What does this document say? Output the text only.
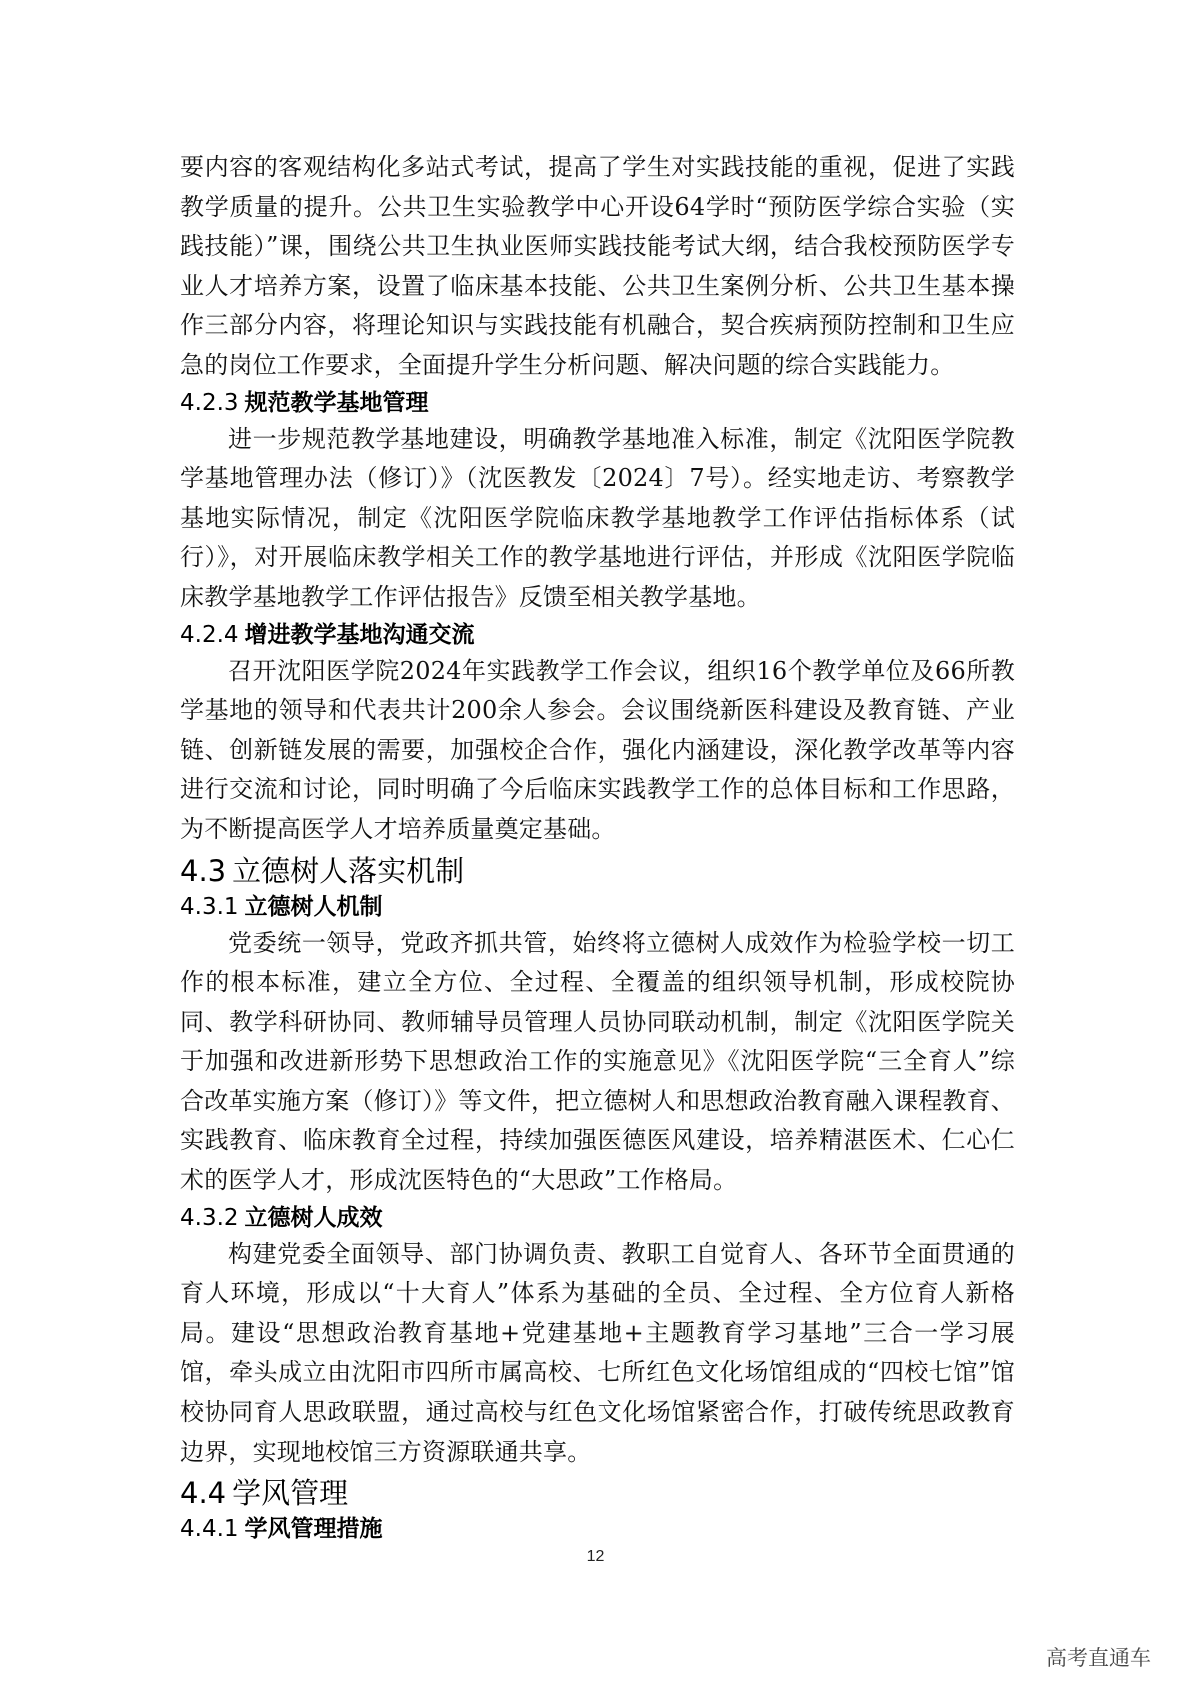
要内容的客观结构化多站式考试，提高了学生对实践技能的重视，促进了实践教学质量的提升。公共卫生实验教学中心开设64学时“预防医学综合实验（实践技能）”课，围绕公共卫生执业医师实践技能考试大纲，结合我校预防医学专业人才培养方案，设置了临床基本技能、公共卫生案例分析、公共卫生基本操作三部分内容，将理论知识与实践技能有机融合，契合疾病预防控制和卫生应急的岗位工作要求，全面提升学生分析问题、解决问题的综合实践能力。

4.2.3 规范教学基地管理

进一步规范教学基地建设，明确教学基地准入标准，制定《沈阳医学院教学基地管理办法（修订）》（沈医教发〔2024〕7号）。经实地走访、考察教学基地实际情况，制定《沈阳医学院临床教学基地教学工作评估指标体系（试行）》，对开展临床教学相关工作的教学基地进行评估，并形成《沈阳医学院临床教学基地教学工作评估报告》反馈至相关教学基地。

4.2.4 增进教学基地沟通交流

召开沈阳医学院2024年实践教学工作会议，组织16个教学单位及66所教学基地的领导和代表共计200余人参会。会议围绕新医科建设及教育链、产业链、创新链发展的需要，加强校企合作，强化内涵建设，深化教学改革等内容进行交流和讨论，同时明确了今后临床实践教学工作的总体目标和工作思路，为不断提高医学人才培养质量奠定基础。

4.3 立德树人落实机制
4.3.1 立德树人机制

党委统一领导，党政齐抓共管，始终将立德树人成效作为检验学校一切工作的根本标准，建立全方位、全过程、全覆盖的组织领导机制，形成校院协同、教学科研协同、教师辅导员管理人员协同联动机制，制定《沈阳医学院关于加强和改进新形势下思想政治工作的实施意见》《沈阳医学院“三全育人”综合改革实施方案（修订）》等文件，把立德树人和思想政治教育融入课程教育、实践教育、临床教育全过程，持续加强医德医风建设，培养精湛医术、仁心仁术的医学人才，形成沈医特色的“大思政”工作格局。

4.3.2 立德树人成效

构建党委全面领导、部门协调负责、教职工自觉育人、各环节全面贯通的育人环境，形成以“十大育人”体系为基础的全员、全过程、全方位育人新格局。建设“思想政治教育基地+党建基地+主题教育学习基地”三合一学习展馆，牵头成立由沈阳市四所市属高校、七所红色文化场馆组成的“四校七馆”馆校协同育人思政联盟，通过高校与红色文化场馆紧密合作，打破传统思政教育边界，实现地校馆三方资源联通共享。

4.4 学风管理
4.4.1 学风管理措施
12
高考直通车
